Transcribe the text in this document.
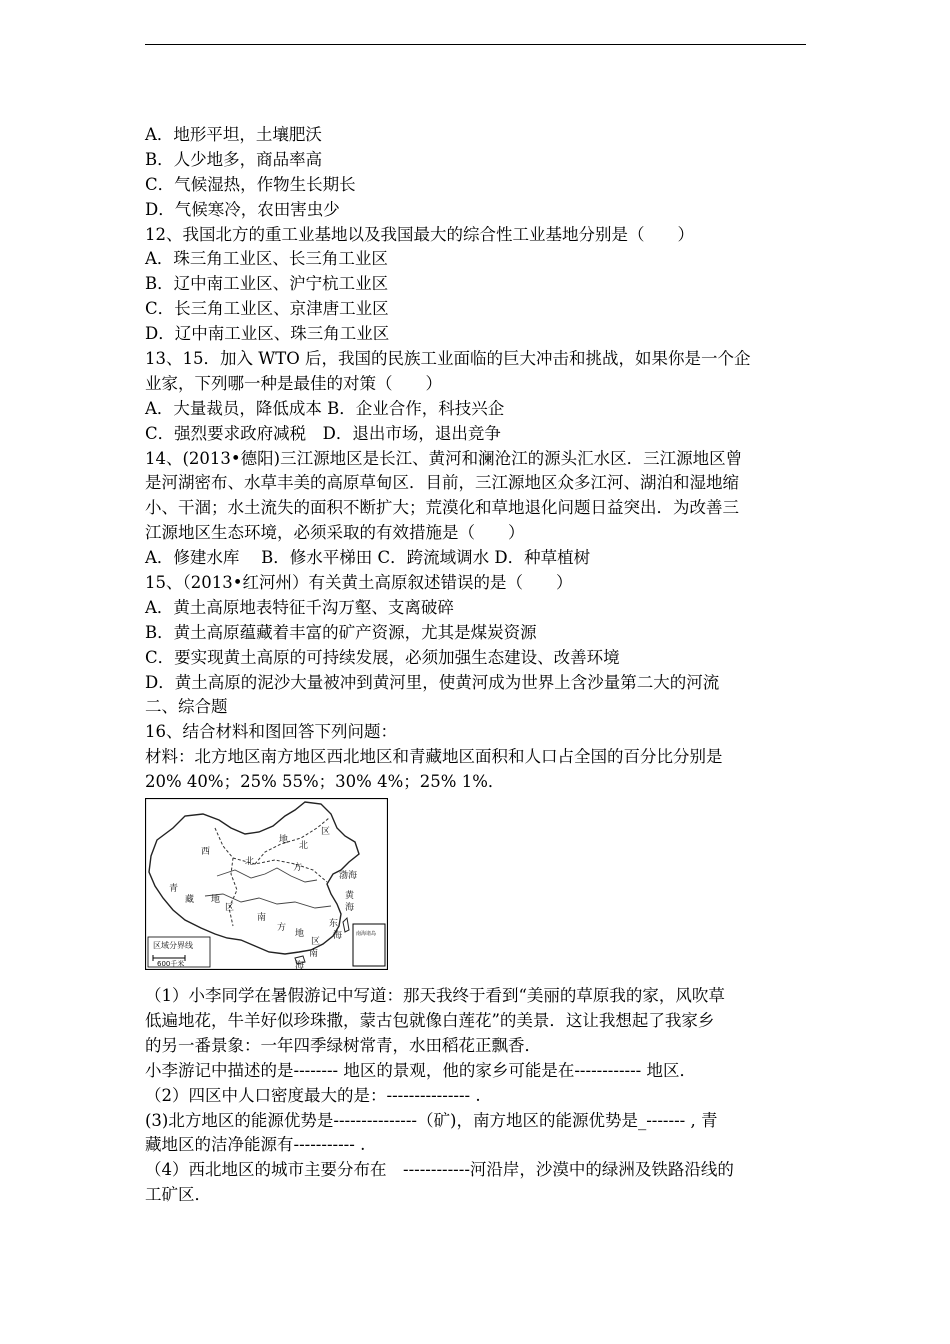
A．地形平坦，土壤肥沃
B．人少地多，商品率高
C．气候湿热，作物生长期长
D．气候寒冷，农田害虫少
12、我国北方的重工业基地以及我国最大的综合性工业基地分别是（　　）
A．珠三角工业区、长三角工业区
B．辽中南工业区、沪宁杭工业区
C．长三角工业区、京津唐工业区
D．辽中南工业区、珠三角工业区
13、15．加入 WTO 后，我国的民族工业面临的巨大冲击和挑战，如果你是一个企
业家，下列哪一种是最佳的对策（　　）
A．大量裁员，降低成本 B．企业合作，科技兴企
C．强烈要求政府减税　D．退出市场，退出竞争
14、(2013•德阳)三江源地区是长江、黄河和澜沧江的源头汇水区．三江源地区曾
是河湖密布、水草丰美的高原草甸区．目前，三江源地区众多江河、湖泊和湿地缩
小、干涸；水土流失的面积不断扩大；荒漠化和草地退化问题日益突出．为改善三
江源地区生态环境，必须采取的有效措施是（　　）
A．修建水库　 B．修水平梯田 C．跨流域调水 D．种草植树
15、（2013•红河州）有关黄土高原叙述错误的是（　　）
A．黄土高原地表特征千沟万壑、支离破碎
B．黄土高原蕴藏着丰富的矿产资源，尤其是煤炭资源
C．要实现黄土高原的可持续发展，必须加强生态建设、改善环境
D．黄土高原的泥沙大量被冲到黄河里，使黄河成为世界上含沙量第二大的河流
二、综合题
16、结合材料和图回答下列问题：
材料：北方地区南方地区西北地区和青藏地区面积和人口占全国的百分比分别是
20% 40%；25% 55%；30% 4%；25% 1%．
青
藏 地
区
西
北
地
区
北
方
南
方
地
区
渤海
黄
海
东
海
南
海
南海诸岛
区域分界线
600千米
（1）小李同学在暑假游记中写道：那天我终于看到“美丽的草原我的家，风吹草
低遍地花，牛羊好似珍珠撒，蒙古包就像白莲花”的美景．这让我想起了我家乡
的另一番景象：一年四季绿树常青，水田稻花正飘香．
小李游记中描述的是-------- 地区的景观，他的家乡可能是在------------ 地区．
（2）四区中人口密度最大的是：--------------- .
(3)北方地区的能源优势是---------------（矿)，南方地区的能源优势是_------- , 青
藏地区的洁净能源有----------- .
（4）西北地区的城市主要分布在　------------河沿岸，沙漠中的绿洲及铁路沿线的
工矿区．
